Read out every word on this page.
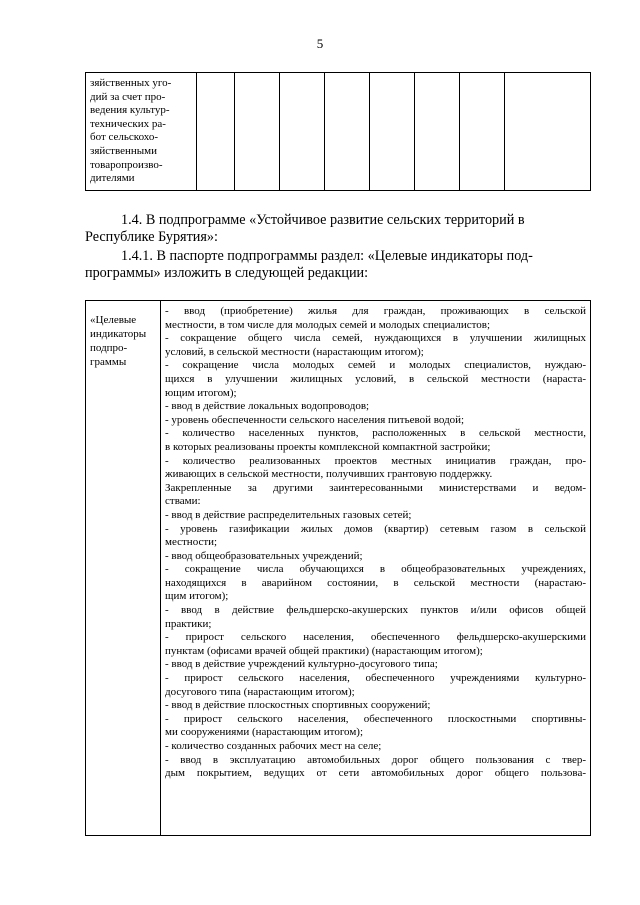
5
зяйственных уго-
дий за счет про-
ведения культур-
технических ра-
бот сельскохо-
зяйственными
товаропроизво-
дителями

1.4. В подпрограмме «Устойчивое развитие сельских территорий в
Республике Бурятия»:
1.4.1. В паспорте подпрограммы раздел: «Целевые индикаторы под-
программы» изложить в следующей редакции:
«Целевые
индикаторы
подпро-
граммы

- ввод (приобретение) жилья для граждан, проживающих в сельской
местности, в том числе для молодых семей и молодых специалистов;
- сокращение общего числа семей, нуждающихся в улучшении жилищных
условий, в сельской местности (нарастающим итогом);
- сокращение числа молодых семей и молодых специалистов, нуждаю-
щихся в улучшении жилищных условий, в сельской местности (нараста-
ющим итогом);
- ввод в действие локальных водопроводов;
- уровень обеспеченности сельского населения питьевой водой;
- количество населенных пунктов, расположенных в сельской местности,
в которых реализованы проекты комплексной компактной застройки;
- количество реализованных проектов местных инициатив граждан, про-
живающих в сельской местности, получивших грантовую поддержку.
Закрепленные за другими заинтересованными министерствами и ведом-
ствами:
- ввод в действие распределительных газовых сетей;
- уровень газификации жилых домов (квартир) сетевым газом в сельской
местности;
- ввод общеобразовательных учреждений;
- сокращение числа обучающихся в общеобразовательных учреждениях,
находящихся в аварийном состоянии, в сельской местности (нарастаю-
щим итогом);
- ввод в действие фельдшерско-акушерских пунктов и/или офисов общей
практики;
- прирост сельского населения, обеспеченного фельдшерско-акушерскими
пунктам (офисами врачей общей практики) (нарастающим итогом);
- ввод в действие учреждений культурно-досугового типа;
- прирост сельского населения, обеспеченного учреждениями культурно-
досугового типа (нарастающим итогом);
- ввод в действие плоскостных спортивных сооружений;
- прирост сельского населения, обеспеченного плоскостными спортивны-
ми сооружениями (нарастающим итогом);
- количество созданных рабочих мест на селе;
- ввод в эксплуатацию автомобильных дорог общего пользования с твер-
дым покрытием, ведущих от сети автомобильных дорог общего пользова-
